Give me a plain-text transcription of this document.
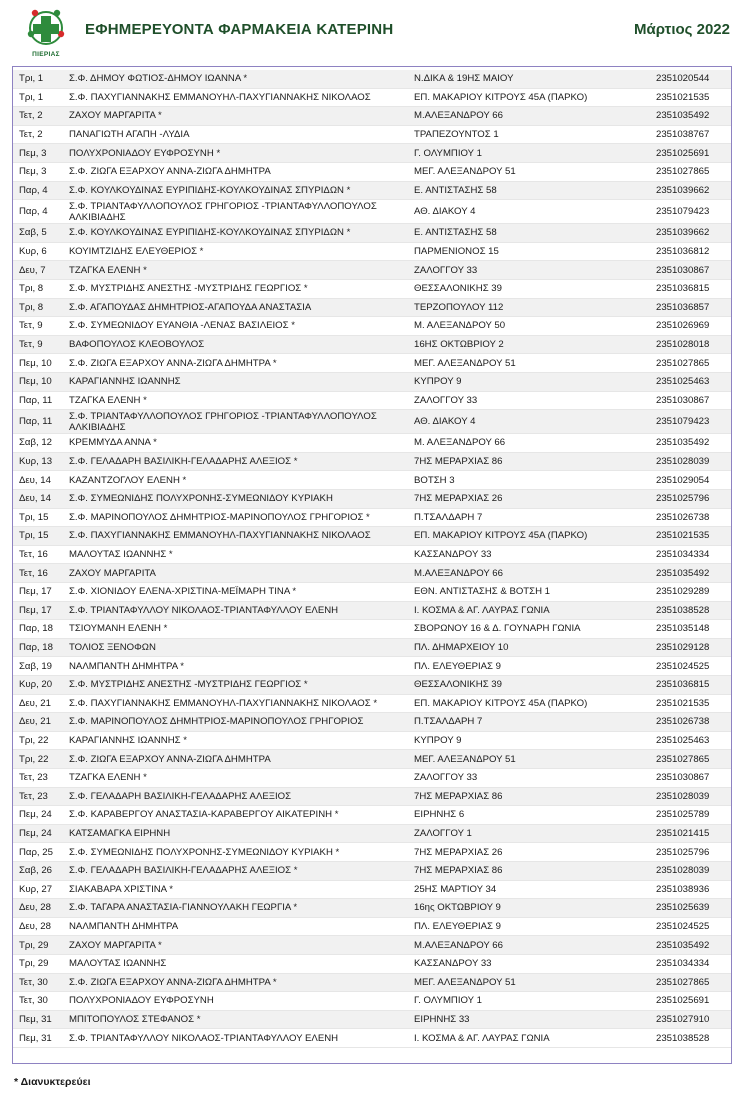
ΠΙΕΡΙΑΣ
ΕΦΗΜΕΡΕΥΟΝΤΑ ΦΑΡΜΑΚΕΙΑ ΚΑΤΕΡΙΝΗ	Μάρτιος 2022
Τρι, 1	Σ.Φ. ΔΗΜΟΥ ΦΩΤΙΟΣ-ΔΗΜΟΥ ΙΩΑΝΝΑ *	Ν.ΔΙΚΑ & 19ΗΣ ΜΑΙΟΥ	2351020544
Τρι, 1	Σ.Φ. ΠΑΧΥΓΙΑΝΝΑΚΗΣ ΕΜΜΑΝΟΥΗΛ-ΠΑΧΥΓΙΑΝΝΑΚΗΣ ΝΙΚΟΛΑΟΣ	ΕΠ. ΜΑΚΑΡΙΟΥ ΚΙΤΡΟΥΣ 45Α (ΠΑΡΚΟ)	2351021535
Τετ, 2	ΖΑΧΟΥ ΜΑΡΓΑΡΙΤΑ *	Μ.ΑΛΕΞΑΝΔΡΟΥ 66	2351035492
Τετ, 2	ΠΑΝΑΓΙΩΤΗ ΑΓΑΠΗ -ΛΥΔΙΑ	ΤΡΑΠΕΖΟΥΝΤΟΣ 1	2351038767
Πεμ, 3	ΠΟΛΥΧΡΟΝΙΑΔΟΥ ΕΥΦΡΟΣΥΝΗ *	Γ. ΟΛΥΜΠΙΟΥ 1	2351025691
Πεμ, 3	Σ.Φ. ΖΙΩΓΑ ΕΞΑΡΧΟΥ ΑΝΝΑ-ΖΙΩΓΑ ΔΗΜΗΤΡΑ	ΜΕΓ. ΑΛΕΞΑΝΔΡΟΥ 51	2351027865
Παρ, 4	Σ.Φ. ΚΟΥΛΚΟΥΔΙΝΑΣ ΕΥΡΙΠΙΔΗΣ-ΚΟΥΛΚΟΥΔΙΝΑΣ ΣΠΥΡΙΔΩΝ *	Ε. ΑΝΤΙΣΤΑΣΗΣ 58	2351039662
Παρ, 4	Σ.Φ. ΤΡΙΑΝΤΑΦΥΛΛΟΠΟΥΛΟΣ ΓΡΗΓΟΡΙΟΣ -ΤΡΙΑΝΤΑΦΥΛΛΟΠΟΥΛΟΣ ΑΛΚΙΒΙΑΔΗΣ	ΑΘ. ΔΙΑΚΟΥ 4	2351079423
Σαβ, 5	Σ.Φ. ΚΟΥΛΚΟΥΔΙΝΑΣ ΕΥΡΙΠΙΔΗΣ-ΚΟΥΛΚΟΥΔΙΝΑΣ ΣΠΥΡΙΔΩΝ *	Ε. ΑΝΤΙΣΤΑΣΗΣ 58	2351039662
Κυρ, 6	ΚΟΥΙΜΤΖΙΔΗΣ ΕΛΕΥΘΕΡΙΟΣ *	ΠΑΡΜΕΝΙΟΝΟΣ 15	2351036812
Δευ, 7	ΤΖΑΓΚΑ ΕΛΕΝΗ *	ΖΑΛΟΓΓΟΥ 33	2351030867
Τρι, 8	Σ.Φ. ΜΥΣΤΡΙΔΗΣ ΑΝΕΣΤΗΣ -ΜΥΣΤΡΙΔΗΣ ΓΕΩΡΓΙΟΣ *	ΘΕΣΣΑΛΟΝΙΚΗΣ 39	2351036815
Τρι, 8	Σ.Φ. ΑΓΑΠΟΥΔΑΣ ΔΗΜΗΤΡΙΟΣ-ΑΓΑΠΟΥΔΑ ΑΝΑΣΤΑΣΙΑ	ΤΕΡΖΟΠΟΥΛΟΥ 112	2351036857
Τετ, 9	Σ.Φ. ΣΥΜΕΩΝΙΔΟΥ ΕΥΑΝΘΙΑ -ΛΕΝΑΣ ΒΑΣΙΛΕΙΟΣ *	Μ. ΑΛΕΞΑΝΔΡΟΥ 50	2351026969
Τετ, 9	ΒΑΦΟΠΟΥΛΟΣ ΚΛΕΟΒΟΥΛΟΣ	16ΗΣ ΟΚΤΩΒΡΙΟΥ 2	2351028018
Πεμ, 10	Σ.Φ. ΖΙΩΓΑ ΕΞΑΡΧΟΥ ΑΝΝΑ-ΖΙΩΓΑ ΔΗΜΗΤΡΑ *	ΜΕΓ. ΑΛΕΞΑΝΔΡΟΥ 51	2351027865
Πεμ, 10	ΚΑΡΑΓΙΑΝΝΗΣ ΙΩΑΝΝΗΣ	ΚΥΠΡΟΥ 9	2351025463
Παρ, 11	ΤΖΑΓΚΑ ΕΛΕΝΗ *	ΖΑΛΟΓΓΟΥ 33	2351030867
Παρ, 11	Σ.Φ. ΤΡΙΑΝΤΑΦΥΛΛΟΠΟΥΛΟΣ ΓΡΗΓΟΡΙΟΣ -ΤΡΙΑΝΤΑΦΥΛΛΟΠΟΥΛΟΣ ΑΛΚΙΒΙΑΔΗΣ	ΑΘ. ΔΙΑΚΟΥ 4	2351079423
Σαβ, 12	ΚΡΕΜΜΥΔΑ ΑΝΝΑ *	Μ. ΑΛΕΞΑΝΔΡΟΥ 66	2351035492
Κυρ, 13	Σ.Φ. ΓΕΛΑΔΑΡΗ ΒΑΣΙΛΙΚΗ-ΓΕΛΑΔΑΡΗΣ ΑΛΕΞΙΟΣ *	7ΗΣ ΜΕΡΑΡΧΙΑΣ 86	2351028039
Δευ, 14	ΚΑΖΑΝΤΖΟΓΛΟΥ ΕΛΕΝΗ *	ΒΟΤΣΗ 3	2351029054
Δευ, 14	Σ.Φ. ΣΥΜΕΩΝΙΔΗΣ ΠΟΛΥΧΡΟΝΗΣ-ΣΥΜΕΩΝΙΔΟΥ ΚΥΡΙΑΚΗ	7ΗΣ ΜΕΡΑΡΧΙΑΣ 26	2351025796
Τρι, 15	Σ.Φ. ΜΑΡΙΝΟΠΟΥΛΟΣ ΔΗΜΗΤΡΙΟΣ-ΜΑΡΙΝΟΠΟΥΛΟΣ ΓΡΗΓΟΡΙΟΣ *	Π.ΤΣΑΛΔΑΡΗ 7	2351026738
Τρι, 15	Σ.Φ. ΠΑΧΥΓΙΑΝΝΑΚΗΣ ΕΜΜΑΝΟΥΗΛ-ΠΑΧΥΓΙΑΝΝΑΚΗΣ ΝΙΚΟΛΑΟΣ	ΕΠ. ΜΑΚΑΡΙΟΥ ΚΙΤΡΟΥΣ 45Α (ΠΑΡΚΟ)	2351021535
Τετ, 16	ΜΑΛΟΥΤΑΣ ΙΩΑΝΝΗΣ *	ΚΑΣΣΑΝΔΡΟΥ 33	2351034334
Τετ, 16	ΖΑΧΟΥ ΜΑΡΓΑΡΙΤΑ	Μ.ΑΛΕΞΑΝΔΡΟΥ 66	2351035492
Πεμ, 17	Σ.Φ. ΧΙΟΝΙΔΟΥ ΕΛΕΝΑ-ΧΡΙΣΤΙΝΑ-ΜΕΪΜΑΡΗ ΤΙΝΑ *	ΕΘΝ. ΑΝΤΙΣΤΑΣΗΣ & ΒΟΤΣΗ 1	2351029289
Πεμ, 17	Σ.Φ. ΤΡΙΑΝΤΑΦΥΛΛΟΥ ΝΙΚΟΛΑΟΣ-ΤΡΙΑΝΤΑΦΥΛΛΟΥ ΕΛΕΝΗ	Ι. ΚΟΣΜΑ & ΑΓ. ΛΑΥΡΑΣ ΓΩΝΙΑ	2351038528
Παρ, 18	ΤΣΙΟΥΜΑΝΗ ΕΛΕΝΗ *	ΣΒΟΡΩΝΟΥ 16 & Δ. ΓΟΥΝΑΡΗ ΓΩΝΙΑ	2351035148
Παρ, 18	ΤΟΛΙΟΣ ΞΕΝΟΦΩΝ	ΠΛ. ΔΗΜΑΡΧΕΙΟΥ 10	2351029128
Σαβ, 19	ΝΑΛΜΠΑΝΤΗ ΔΗΜΗΤΡΑ *	ΠΛ. ΕΛΕΥΘΕΡΙΑΣ 9	2351024525
Κυρ, 20	Σ.Φ. ΜΥΣΤΡΙΔΗΣ ΑΝΕΣΤΗΣ -ΜΥΣΤΡΙΔΗΣ ΓΕΩΡΓΙΟΣ *	ΘΕΣΣΑΛΟΝΙΚΗΣ 39	2351036815
Δευ, 21	Σ.Φ. ΠΑΧΥΓΙΑΝΝΑΚΗΣ ΕΜΜΑΝΟΥΗΛ-ΠΑΧΥΓΙΑΝΝΑΚΗΣ ΝΙΚΟΛΑΟΣ *	ΕΠ. ΜΑΚΑΡΙΟΥ ΚΙΤΡΟΥΣ 45Α (ΠΑΡΚΟ)	2351021535
Δευ, 21	Σ.Φ. ΜΑΡΙΝΟΠΟΥΛΟΣ ΔΗΜΗΤΡΙΟΣ-ΜΑΡΙΝΟΠΟΥΛΟΣ ΓΡΗΓΟΡΙΟΣ	Π.ΤΣΑΛΔΑΡΗ 7	2351026738
Τρι, 22	ΚΑΡΑΓΙΑΝΝΗΣ ΙΩΑΝΝΗΣ *	ΚΥΠΡΟΥ 9	2351025463
Τρι, 22	Σ.Φ. ΖΙΩΓΑ ΕΞΑΡΧΟΥ ΑΝΝΑ-ΖΙΩΓΑ ΔΗΜΗΤΡΑ	ΜΕΓ. ΑΛΕΞΑΝΔΡΟΥ 51	2351027865
Τετ, 23	ΤΖΑΓΚΑ ΕΛΕΝΗ *	ΖΑΛΟΓΓΟΥ 33	2351030867
Τετ, 23	Σ.Φ. ΓΕΛΑΔΑΡΗ ΒΑΣΙΛΙΚΗ-ΓΕΛΑΔΑΡΗΣ ΑΛΕΞΙΟΣ	7ΗΣ ΜΕΡΑΡΧΙΑΣ 86	2351028039
Πεμ, 24	Σ.Φ. ΚΑΡΑΒΕΡΓΟΥ ΑΝΑΣΤΑΣΙΑ-ΚΑΡΑΒΕΡΓΟΥ ΑΙΚΑΤΕΡΙΝΗ *	ΕΙΡΗΝΗΣ 6	2351025789
Πεμ, 24	ΚΑΤΣΑΜΑΓΚΑ ΕΙΡΗΝΗ	ΖΑΛΟΓΓΟΥ 1	2351021415
Παρ, 25	Σ.Φ. ΣΥΜΕΩΝΙΔΗΣ ΠΟΛΥΧΡΟΝΗΣ-ΣΥΜΕΩΝΙΔΟΥ ΚΥΡΙΑΚΗ *	7ΗΣ ΜΕΡΑΡΧΙΑΣ 26	2351025796
Σαβ, 26	Σ.Φ. ΓΕΛΑΔΑΡΗ ΒΑΣΙΛΙΚΗ-ΓΕΛΑΔΑΡΗΣ ΑΛΕΞΙΟΣ *	7ΗΣ ΜΕΡΑΡΧΙΑΣ 86	2351028039
Κυρ, 27	ΣΙΑΚΑΒΑΡΑ ΧΡΙΣΤΙΝΑ *	25ΗΣ ΜΑΡΤΙΟΥ 34	2351038936
Δευ, 28	Σ.Φ. ΤΑΓΑΡΑ ΑΝΑΣΤΑΣΙΑ-ΓΙΑΝΝΟΥΛΑΚΗ ΓΕΩΡΓΙΑ *	16ης ΟΚΤΩΒΡΙΟΥ 9	2351025639
Δευ, 28	ΝΑΛΜΠΑΝΤΗ ΔΗΜΗΤΡΑ	ΠΛ. ΕΛΕΥΘΕΡΙΑΣ 9	2351024525
Τρι, 29	ΖΑΧΟΥ ΜΑΡΓΑΡΙΤΑ *	Μ.ΑΛΕΞΑΝΔΡΟΥ 66	2351035492
Τρι, 29	ΜΑΛΟΥΤΑΣ ΙΩΑΝΝΗΣ	ΚΑΣΣΑΝΔΡΟΥ 33	2351034334
Τετ, 30	Σ.Φ. ΖΙΩΓΑ ΕΞΑΡΧΟΥ ΑΝΝΑ-ΖΙΩΓΑ ΔΗΜΗΤΡΑ *	ΜΕΓ. ΑΛΕΞΑΝΔΡΟΥ 51	2351027865
Τετ, 30	ΠΟΛΥΧΡΟΝΙΑΔΟΥ ΕΥΦΡΟΣΥΝΗ	Γ. ΟΛΥΜΠΙΟΥ 1	2351025691
Πεμ, 31	ΜΠΙΤΟΠΟΥΛΟΣ ΣΤΕΦΑΝΟΣ *	ΕΙΡΗΝΗΣ 33	2351027910
Πεμ, 31	Σ.Φ. ΤΡΙΑΝΤΑΦΥΛΛΟΥ ΝΙΚΟΛΑΟΣ-ΤΡΙΑΝΤΑΦΥΛΛΟΥ ΕΛΕΝΗ	Ι. ΚΟΣΜΑ & ΑΓ. ΛΑΥΡΑΣ ΓΩΝΙΑ	2351038528
* Διανυκτερεύει
